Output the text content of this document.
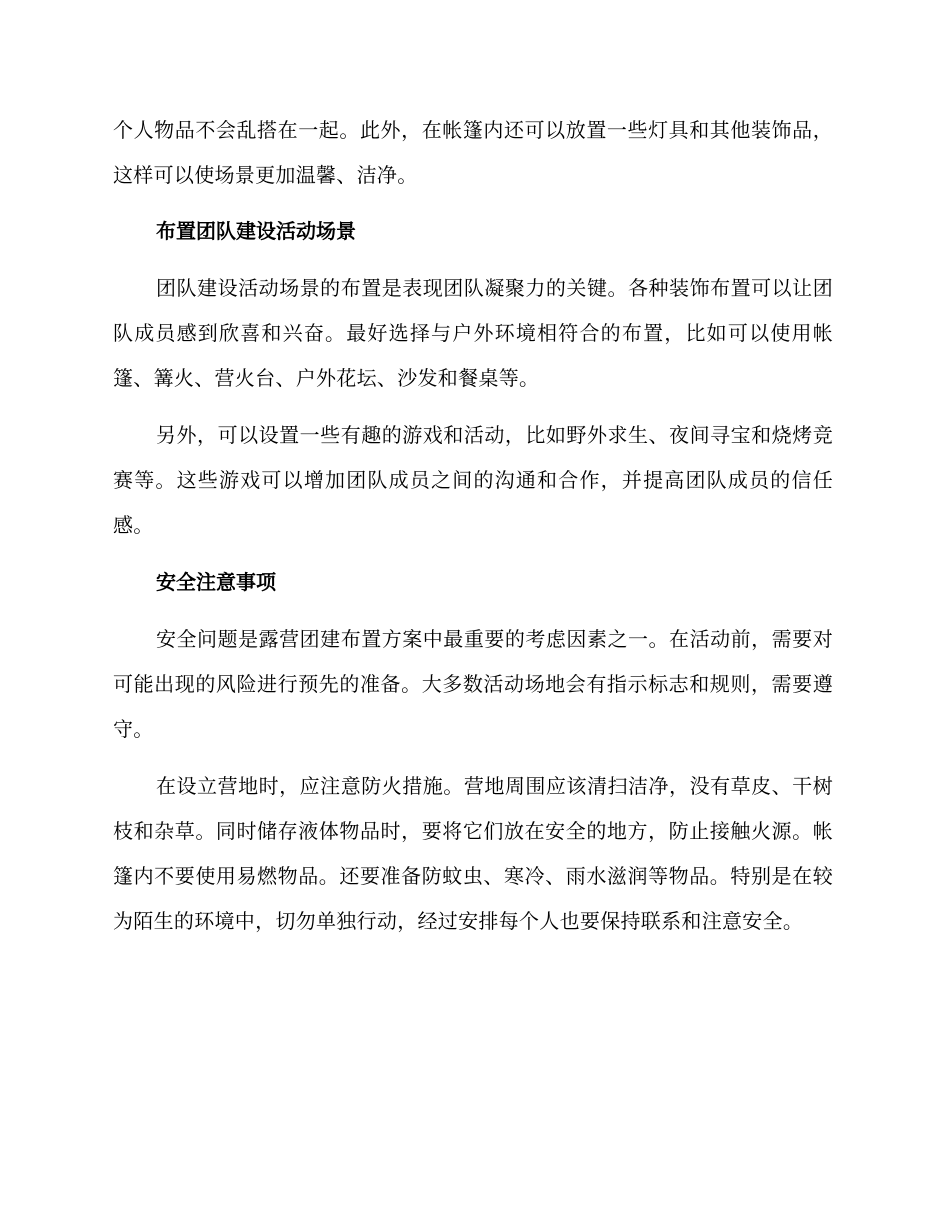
个人物品不会乱搭在一起。此外，在帐篷内还可以放置一些灯具和其他装饰品，这样可以使场景更加温馨、洁净。

布置团队建设活动场景

团队建设活动场景的布置是表现团队凝聚力的关键。各种装饰布置可以让团队成员感到欣喜和兴奋。最好选择与户外环境相符合的布置，比如可以使用帐篷、篝火、营火台、户外花坛、沙发和餐桌等。

另外，可以设置一些有趣的游戏和活动，比如野外求生、夜间寻宝和烧烤竞赛等。这些游戏可以增加团队成员之间的沟通和合作，并提高团队成员的信任感。

安全注意事项

安全问题是露营团建布置方案中最重要的考虑因素之一。在活动前，需要对可能出现的风险进行预先的准备。大多数活动场地会有指示标志和规则，需要遵守。

在设立营地时，应注意防火措施。营地周围应该清扫洁净，没有草皮、干树枝和杂草。同时储存液体物品时，要将它们放在安全的地方，防止接触火源。帐篷内不要使用易燃物品。还要准备防蚊虫、寒冷、雨水滋润等物品。特别是在较为陌生的环境中，切勿单独行动，经过安排每个人也要保持联系和注意安全。
